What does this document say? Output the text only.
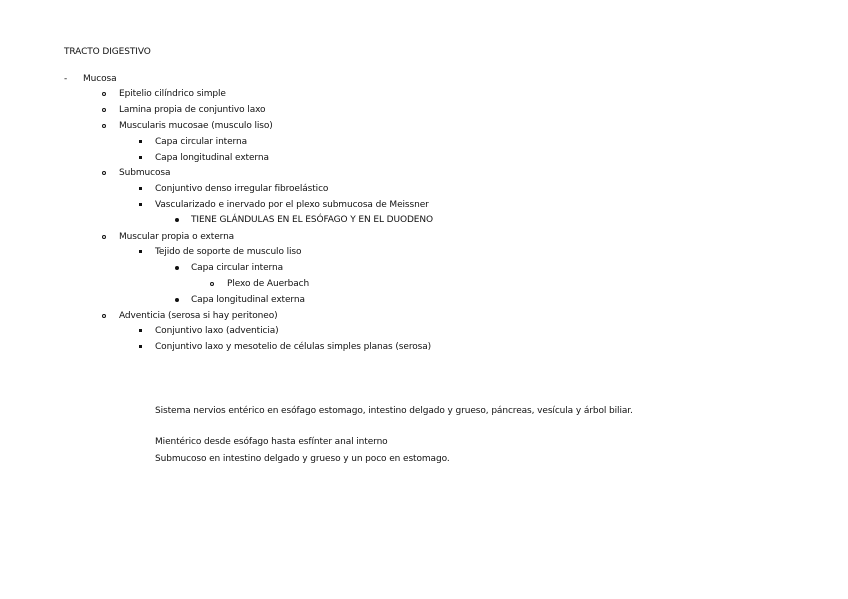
TRACTO DIGESTIVO
- Mucosa
Epitelio cilíndrico simple
Lamina propia de conjuntivo laxo
Muscularis mucosae (musculo liso)
Capa circular interna
Capa longitudinal externa
Submucosa
Conjuntivo denso irregular fibroelástico
Vascularizado e inervado por el plexo submucosa de Meissner
TIENE GLÁNDULAS EN EL ESÓFAGO Y EN EL DUODENO
Muscular propia o externa
Tejido de soporte de musculo liso
Capa circular interna
Plexo de Auerbach
Capa longitudinal externa
Adventicia (serosa si hay peritoneo)
Conjuntivo laxo (adventicia)
Conjuntivo laxo y mesotelio de células simples planas (serosa)
Sistema nervios entérico en esófago estomago, intestino delgado y grueso, páncreas, vesícula y árbol biliar.
Mientérico desde esófago hasta esfínter anal interno
Submucoso en intestino delgado y grueso y un poco en estomago.
